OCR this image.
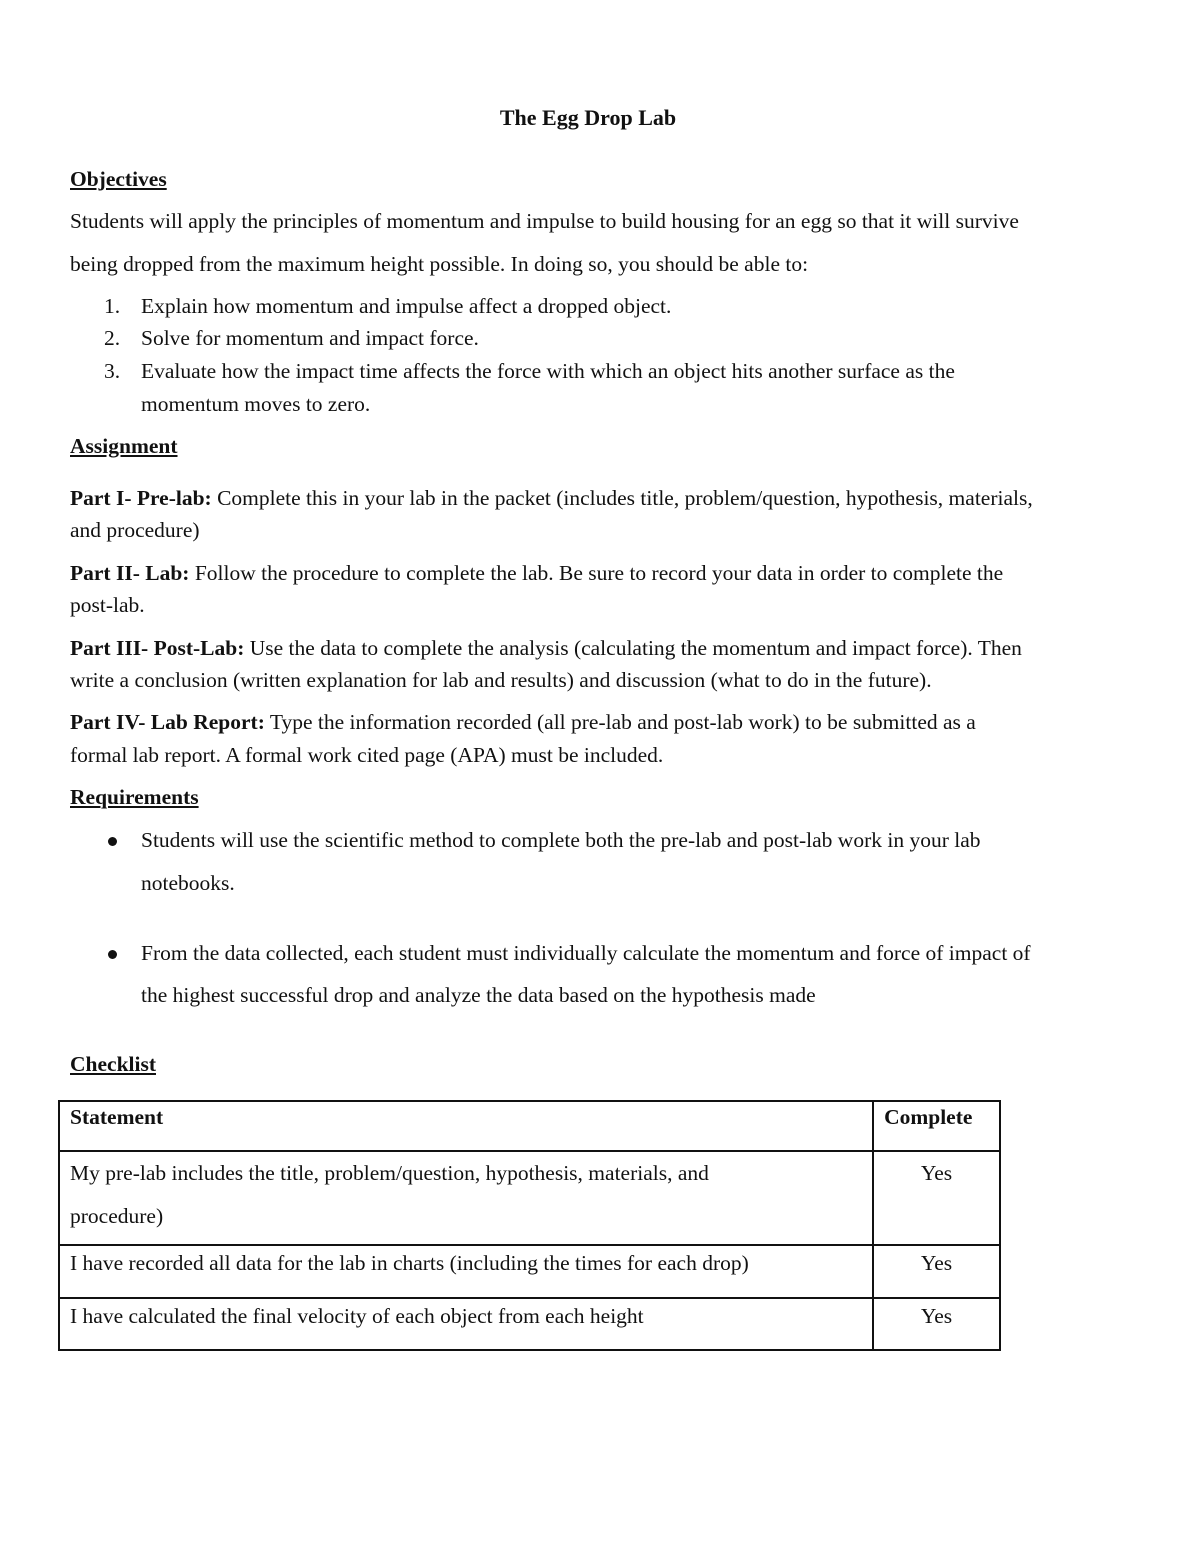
The Egg Drop Lab
Objectives
Students will apply the principles of momentum and impulse to build housing for an egg so that it will survive
being dropped from the maximum height possible. In doing so, you should be able to:
1. Explain how momentum and impulse affect a dropped object.
2. Solve for momentum and impact force.
3. Evaluate how the impact time affects the force with which an object hits another surface as the
momentum moves to zero.
Assignment
Part I- Pre-lab: Complete this in your lab in the packet (includes title, problem/question, hypothesis, materials,
and procedure)
Part II- Lab: Follow the procedure to complete the lab. Be sure to record your data in order to complete the
post-lab.
Part III- Post-Lab: Use the data to complete the analysis (calculating the momentum and impact force). Then
write a conclusion (written explanation for lab and results) and discussion (what to do in the future).
Part IV- Lab Report: Type the information recorded (all pre-lab and post-lab work) to be submitted as a
formal lab report. A formal work cited page (APA) must be included.
Requirements
Students will use the scientific method to complete both the pre-lab and post-lab work in your lab
notebooks.
From the data collected, each student must individually calculate the momentum and force of impact of
the highest successful drop and analyze the data based on the hypothesis made
Checklist
Statement	Complete

My pre-lab includes the title, problem/question, hypothesis, materials, and
procedure)	Yes
I have recorded all data for the lab in charts (including the times for each drop)	Yes
I have calculated the final velocity of each object from each height	Yes
